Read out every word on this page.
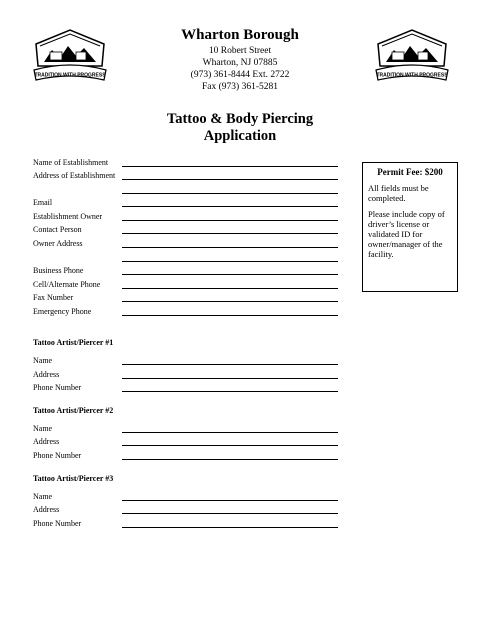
TRADITION WITH PROGRESS	TRADITION WITH PROGRESS
Wharton Borough
10 Robert Street
Wharton, NJ 07885
(973) 361-8444 Ext. 2722
Fax (973) 361-5281
Tattoo & Body Piercing
Application
Name of Establishment
Address of Establishment
Email
Establishment Owner
Contact Person
Owner Address
Business Phone
Cell/Alternate Phone
Fax Number
Emergency Phone
Tattoo Artist/Piercer #1
Name
Address
Phone Number
Tattoo Artist/Piercer #2
Name
Address
Phone Number
Tattoo Artist/Piercer #3
Name
Address
Phone Number
Permit Fee: $200

All fields must be completed.

Please include copy of driver’s license or validated ID for owner/manager of the facility.
